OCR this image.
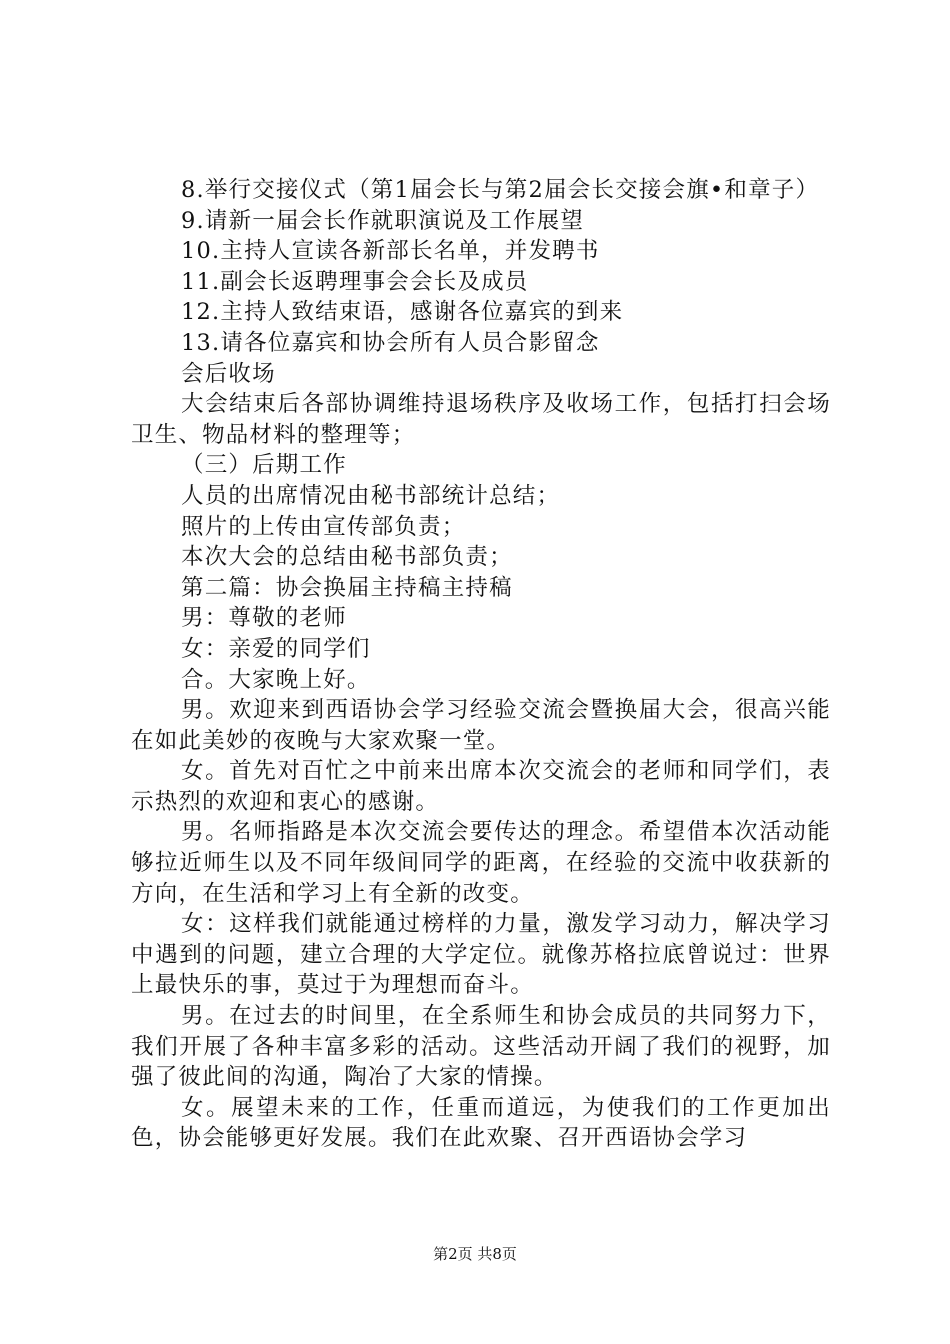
8.举行交接仪式（第1届会长与第2届会长交接会旗•和章子）

9.请新一届会长作就职演说及工作展望

10.主持人宣读各新部长名单，并发聘书

11.副会长返聘理事会会长及成员

12.主持人致结束语，感谢各位嘉宾的到来

13.请各位嘉宾和协会所有人员合影留念

会后收场

大会结束后各部协调维持退场秩序及收场工作，包括打扫会场卫生、物品材料的整理等；

（三）后期工作

人员的出席情况由秘书部统计总结；

照片的上传由宣传部负责；

本次大会的总结由秘书部负责；

第二篇：协会换届主持稿主持稿

男：尊敬的老师

女：亲爱的同学们

合。大家晚上好。

男。欢迎来到西语协会学习经验交流会暨换届大会，很高兴能在如此美妙的夜晚与大家欢聚一堂。

女。首先对百忙之中前来出席本次交流会的老师和同学们，表示热烈的欢迎和衷心的感谢。

男。名师指路是本次交流会要传达的理念。希望借本次活动能够拉近师生以及不同年级间同学的距离，在经验的交流中收获新的方向，在生活和学习上有全新的改变。

女：这样我们就能通过榜样的力量，激发学习动力，解决学习中遇到的问题，建立合理的大学定位。就像苏格拉底曾说过：世界上最快乐的事，莫过于为理想而奋斗。

男。在过去的时间里，在全系师生和协会成员的共同努力下，我们开展了各种丰富多彩的活动。这些活动开阔了我们的视野，加强了彼此间的沟通，陶冶了大家的情操。

女。展望未来的工作，任重而道远，为使我们的工作更加出色，协会能够更好发展。我们在此欢聚、召开西语协会学习

第2页 共8页
